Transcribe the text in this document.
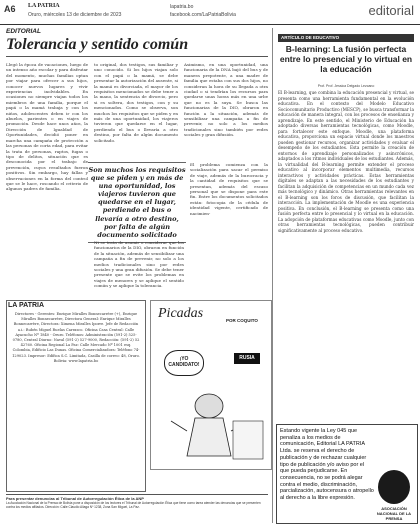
A6 LA PATRIA
Oruro, miércoles 13 de diciembre de 2023
lapatria.bo
facebook.com/LaPatriaBolivia	editorial
EDITORIAL
Tolerancia y sentido común
Llegó la época de vacaciones, luego de un intenso año escolar y para disfrutar del momento, muchas familias optan por viajar para ofrecer a sus hijos, conocer nuevos lugares y vivir experiencias inolvidables. En ocasiones no siempre viajan todos los miembros de una familia, porque el papá o la mamá trabaja y con los niños, adolescentes deben ir con los abuelos, parientes o en viajes de promoción. Desde hace unos años, la Dirección de Igualdad de Oportunidades, decidió poner en marcha una campaña de protección a las personas de corta edad, para evitar la trata de personas, raptos, fugas o tipo de delitos, situación que es desconocida por el trabajo de prevención, cuyos resultados fueron positivos. Sin embargo, hay fallas y observaciones en la forma del control que se le hace, roscando el criterio de algunos padres de familia.
to original, dos testigos, sus familiar y uno conocido. Si los hijos viajan solo con el papá o la mamá, se debe presentar la autorización del ausente, si la mamá es divorciada, el mayor de los requisitos mencionados se debe tener a la mano, la sentencia de divorcio, pero si es soltera, dos testigos, con y su mencionados. Como se observa, son muchos los requisitos que se piden y en más de una oportunidad, los viajeros tuvieron que quedarse en el lugar, perdiendo el bus o llevaría a otro destino, por falta de algún documento solicitado.
Asimismo, en una oportunidad, una funcionaria de la DNA bajó del bus y de manera prepotente, a una madre de familia que estaba con sus dos hijos, no consideran la hora de su llegada a otra ciudad o si tendrían los recursos para quedarse unas horas más en una urbe que no es la suya. Se busca las funcionarias de la DIO, obraron en función a la situación, además de sensibilizar una campaña a fin de prevenir, no solo a los medios tradicionales sino también por redes sociales y gran difusión.
Son muchos los requisitos que se piden y en más de una oportunidad, los viajeros tuvieron que quedarse en el lugar, perdiendo el bus o llevaría a otro destino, por falta de algún documento solicitado
El problema comienza con la socialización para sacar el permiso de viaje, además de la burocracia y la cantidad de requisitos que se presentan, además del escaso personal que se dispone para este fin. Entre los documentos solicitados están: fotocopia de la cédula de identidad vigente, certificado de nacimien-
Ni se trata de asumir o considerar que los funcionarios de la DIO, obraron en función de la situación, además de sensibilizar una campaña a fin de prevenir, no solo a los medios tradicionales sino por redes sociales y una gran difusión. Se debe tener presente que se evite los problemas en viajes de menores y se aplique el sentido común y se aplique la tolerancia.
LA PATRIA
Directores - Gerentes: Enrique Miralles Bonnecarrère (+), Enrique Miralles Bonnecarrère, Directora General: Enrique Miralles Bonnecarrère, Directora: Ximena Miralles Iporre. Jefe de Redacción a.i.: Rubén Miguel Ruelas Carrasco. Oficina Casa Central: Calle Ayacucho Nº 1840 - Oruro. Teléfonos: Administración (591-2) 525-0780, Central Diurno: Naval (591-2) 527-9000, Redacción: (591-2) 52 42760. Oficina Regional La Paz: Calle Mercado Nº 1001 esq. Colombia, Edificio Las Dunas. Oficina Comercializadora: Teléfono 74-129023. Impresor: Edífica S.C. Limitada, Casilla de correo: 48, Oruro. Bolivia: www.lapatria.bo
Picadas	POR COQUITO
¡YO CANDIDATO!
RUSIA
ARTÍCULO DE EDUCATIVO
B-learning: La fusión perfecta entre lo presencial y lo virtual en la educación
Prof. Prof. Jessica Delgado Lezcano
El B-learning, que combina la educación presencial y virtual, se presenta como una herramienta fundamental en la evolución educativa. En el contexto del Modelo Educativo Sociocomunitario Productivo (MESCP), se busca transformar la educación de manera integral, con los procesos de enseñanza y aprendizaje. En este sentido, el Ministerio de Educación ha adoptado diversas herramientas tecnológicas, como Moodle, para fortalecer este enfoque. Moodle, una plataforma educativa, proporciona un espacio virtual donde los maestros pueden gestionar recursos, organizar actividades y evaluar el desempeño de los estudiantes. Esta permite la creación de entornos de aprendizaje personalizados y asincrónicos, adaptados a los ritmos individuales de los estudiantes. Además, la virtualidad del B-learning permite extender el proceso educativo al incorporar elementos multimedia, recursos interactivos y actividades prácticas. Estas herramientas digitales se adaptan a las necesidades de los estudiantes y facilitan la adquisición de competencias en un mundo cada vez más tecnológico y dinámico. Otras herramientas relevantes en el B-learning son los foros de discusión, que facilitan la interacción. La implementación de Moodle es una experiencia positiva. En conclusión, el B-learning se presenta como una fusión perfecta entre lo presencial y lo virtual en la educación. La adopción de plataformas educativas como Moodle, junto con otras herramientas tecnológicas, pueden contribuir significativamente al proceso educativo.
Estando vigente la Ley 045 que penaliza a los medios de comunicación, Editorial LA PATRIA Ltda. se reserva el derecho de publicación y de rechazar cualquier tipo de publicación y/o aviso por el que pueda perjudicarse. En consecuencia, no se podrá alegar contra el medio, discriminación, parcialización, autocensura o atropello al derecho a la libre expresión.
ASOCIACIÓN NACIONAL DE LA PRENSA
Para presentar denuncias al Tribunal de Autorregulación Ética de la ANP
La Asociación Nacional de la Prensa de Bolivia pone a disposición de los lectores el Tribunal de Autorregulación Ética que tiene como tarea atender las denuncias que se presenten contra los medios afiliados. Dirección: Calle Claudio Aliaga Nº 1238, Zona San Miguel, La Paz.
